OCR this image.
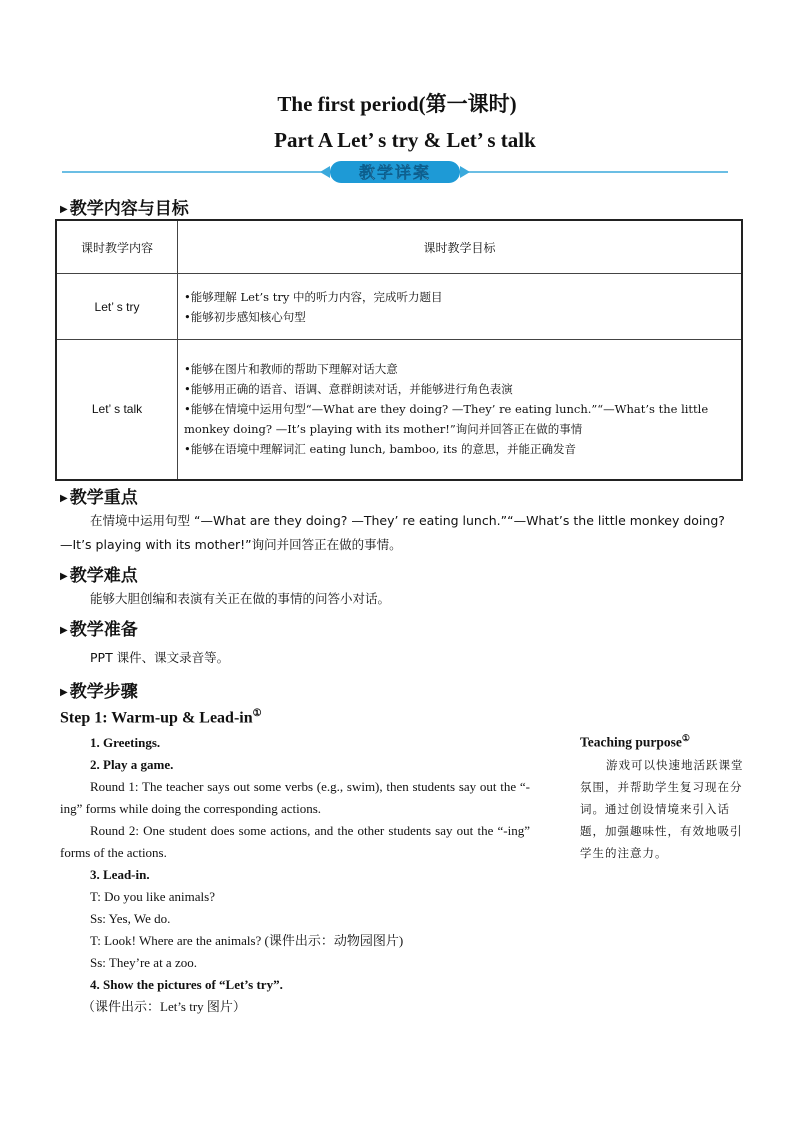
The first period(第一课时)
Part A Let’ s try & Let’ s talk
教学详案
▶ 教学内容与目标
课时教学内容	课时教学目标
Let’ s try	•能够理解 Let’s try 中的听力内容，完成听力题目
•能够初步感知核心句型

Let’ s talk	•能够在图片和教师的帮助下理解对话大意
•能够用正确的语音、语调、意群朗读对话，并能够进行角色表演
•能够在情境中运用句型“—What are they doing? —They’ re eating lunch.”“—What’s the little monkey doing? —It’s playing with its mother!”询问并回答正在做的事情
•能够在语境中理解词汇 eating lunch, bamboo, its 的意思，并能正确发音
▶ 教学重点
在情境中运用句型 “—What are they doing? —They’ re eating lunch.”“—What’s the little monkey doing? —It’s playing with its mother!”询问并回答正在做的事情。
▶ 教学难点
能够大胆创编和表演有关正在做的事情的问答小对话。
▶ 教学准备
PPT 课件、课文录音等。
▶ 教学步骤
Step 1: Warm-up & Lead-in①
1. Greetings.
2. Play a game.
Round 1: The teacher says out some verbs (e.g., swim), then students say out the “-ing” forms while doing the corresponding actions.
Round 2: One student does some actions, and the other students say out the “-ing” forms of the actions.
3. Lead-in.
T: Do you like animals?
Ss: Yes, We do.
T: Look! Where are the animals? (课件出示：动物园图片)
Ss: They’re at a zoo.
4. Show the pictures of “Let’s try”.
（课件出示：Let’s try 图片）
Teaching purpose①
游戏可以快速地活跃课堂氛围，并帮助学生复习现在分词。通过创设情境来引入话题，加强趣味性，有效地吸引学生的注意力。
